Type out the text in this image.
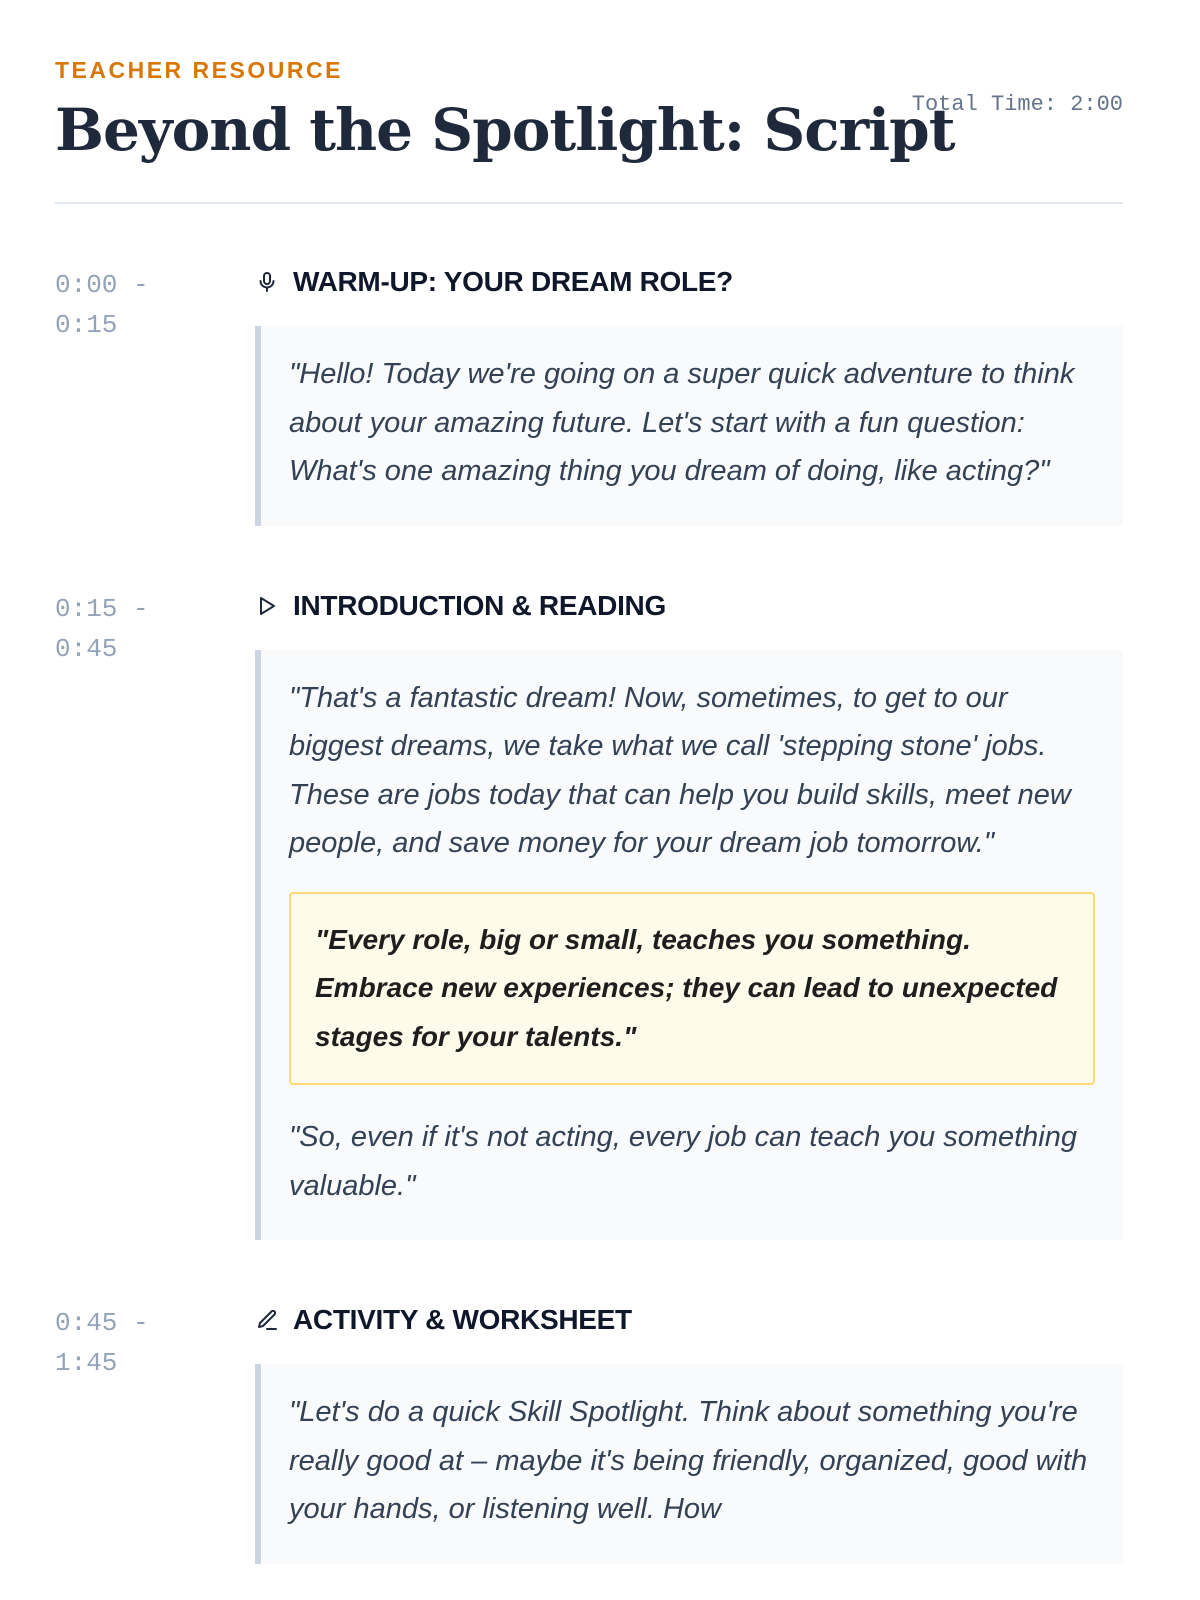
TEACHER RESOURCE
Beyond the Spotlight: Script
Total Time: 2:00
0:00 -
0:15
WARM-UP: YOUR DREAM ROLE?

"Hello! Today we're going on a super quick adventure to think about your amazing future. Let's start with a fun question: What's one amazing thing you dream of doing, like acting?"

0:15 -
0:45
INTRODUCTION & READING

"That's a fantastic dream! Now, sometimes, to get to our biggest dreams, we take what we call 'stepping stone' jobs. These are jobs today that can help you build skills, meet new people, and save money for your dream job tomorrow."

"Every role, big or small, teaches you something. Embrace new experiences; they can lead to unexpected stages for your talents."

"So, even if it's not acting, every job can teach you something valuable."

0:45 -
1:45
ACTIVITY & WORKSHEET

"Let's do a quick Skill Spotlight. Think about something you're really good at – maybe it's being friendly, organized, good with your hands, or listening well. How
